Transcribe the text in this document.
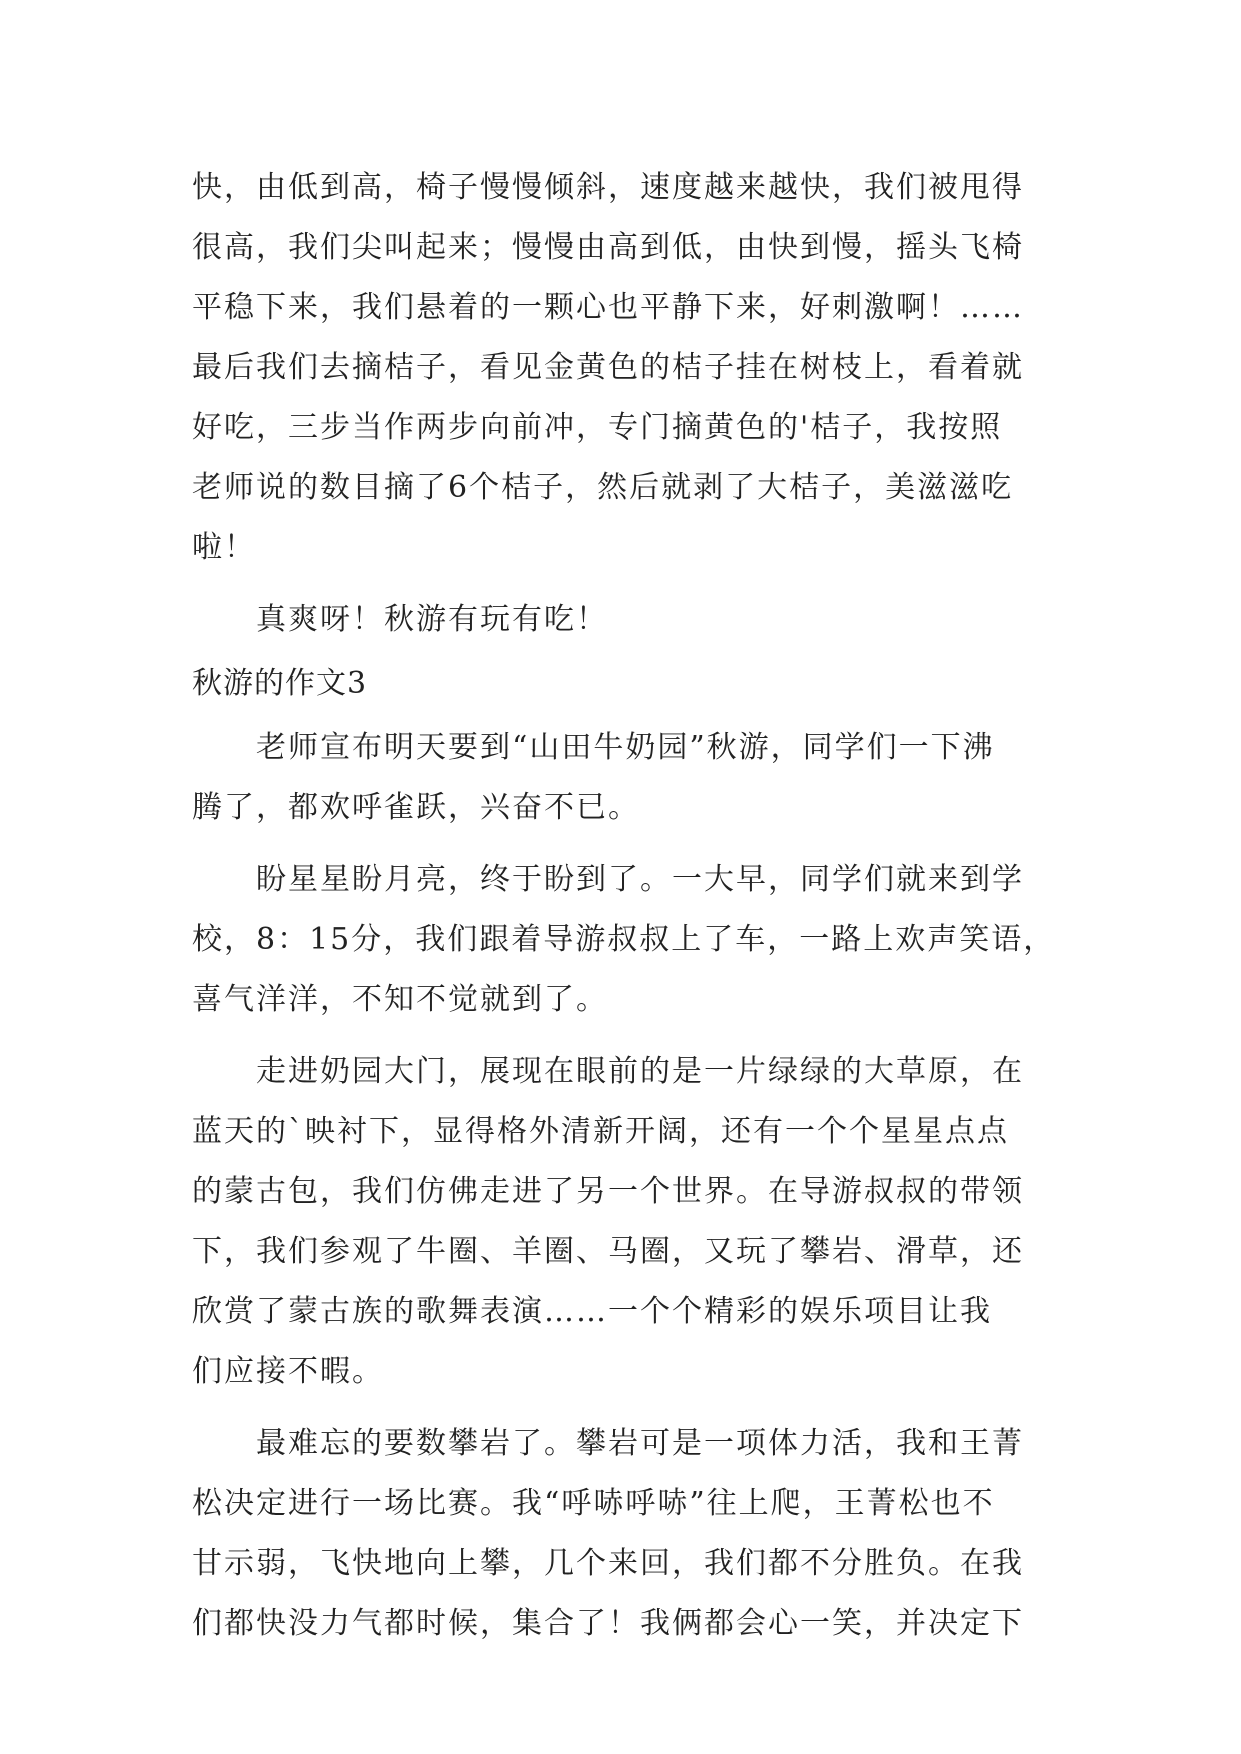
快，由低到高，椅子慢慢倾斜，速度越来越快，我们被甩得
很高，我们尖叫起来；慢慢由高到低，由快到慢，摇头飞椅
平稳下来，我们悬着的一颗心也平静下来，好刺激啊！……
最后我们去摘桔子，看见金黄色的桔子挂在树枝上，看着就
好吃，三步当作两步向前冲，专门摘黄色的'桔子，我按照
老师说的数目摘了6个桔子，然后就剥了大桔子，美滋滋吃
啦！
真爽呀！秋游有玩有吃！
秋游的作文3
老师宣布明天要到“山田牛奶园”秋游，同学们一下沸
腾了，都欢呼雀跃，兴奋不已。
盼星星盼月亮，终于盼到了。一大早，同学们就来到学
校，8：15分，我们跟着导游叔叔上了车，一路上欢声笑语，
喜气洋洋，不知不觉就到了。
走进奶园大门，展现在眼前的是一片绿绿的大草原，在
蓝天的`映衬下，显得格外清新开阔，还有一个个星星点点
的蒙古包，我们仿佛走进了另一个世界。在导游叔叔的带领
下，我们参观了牛圈、羊圈、马圈，又玩了攀岩、滑草，还
欣赏了蒙古族的歌舞表演……一个个精彩的娱乐项目让我
们应接不暇。
最难忘的要数攀岩了。攀岩可是一项体力活，我和王菁
松决定进行一场比赛。我“呼哧呼哧”往上爬，王菁松也不
甘示弱，飞快地向上攀，几个来回，我们都不分胜负。在我
们都快没力气都时候，集合了！我俩都会心一笑，并决定下
